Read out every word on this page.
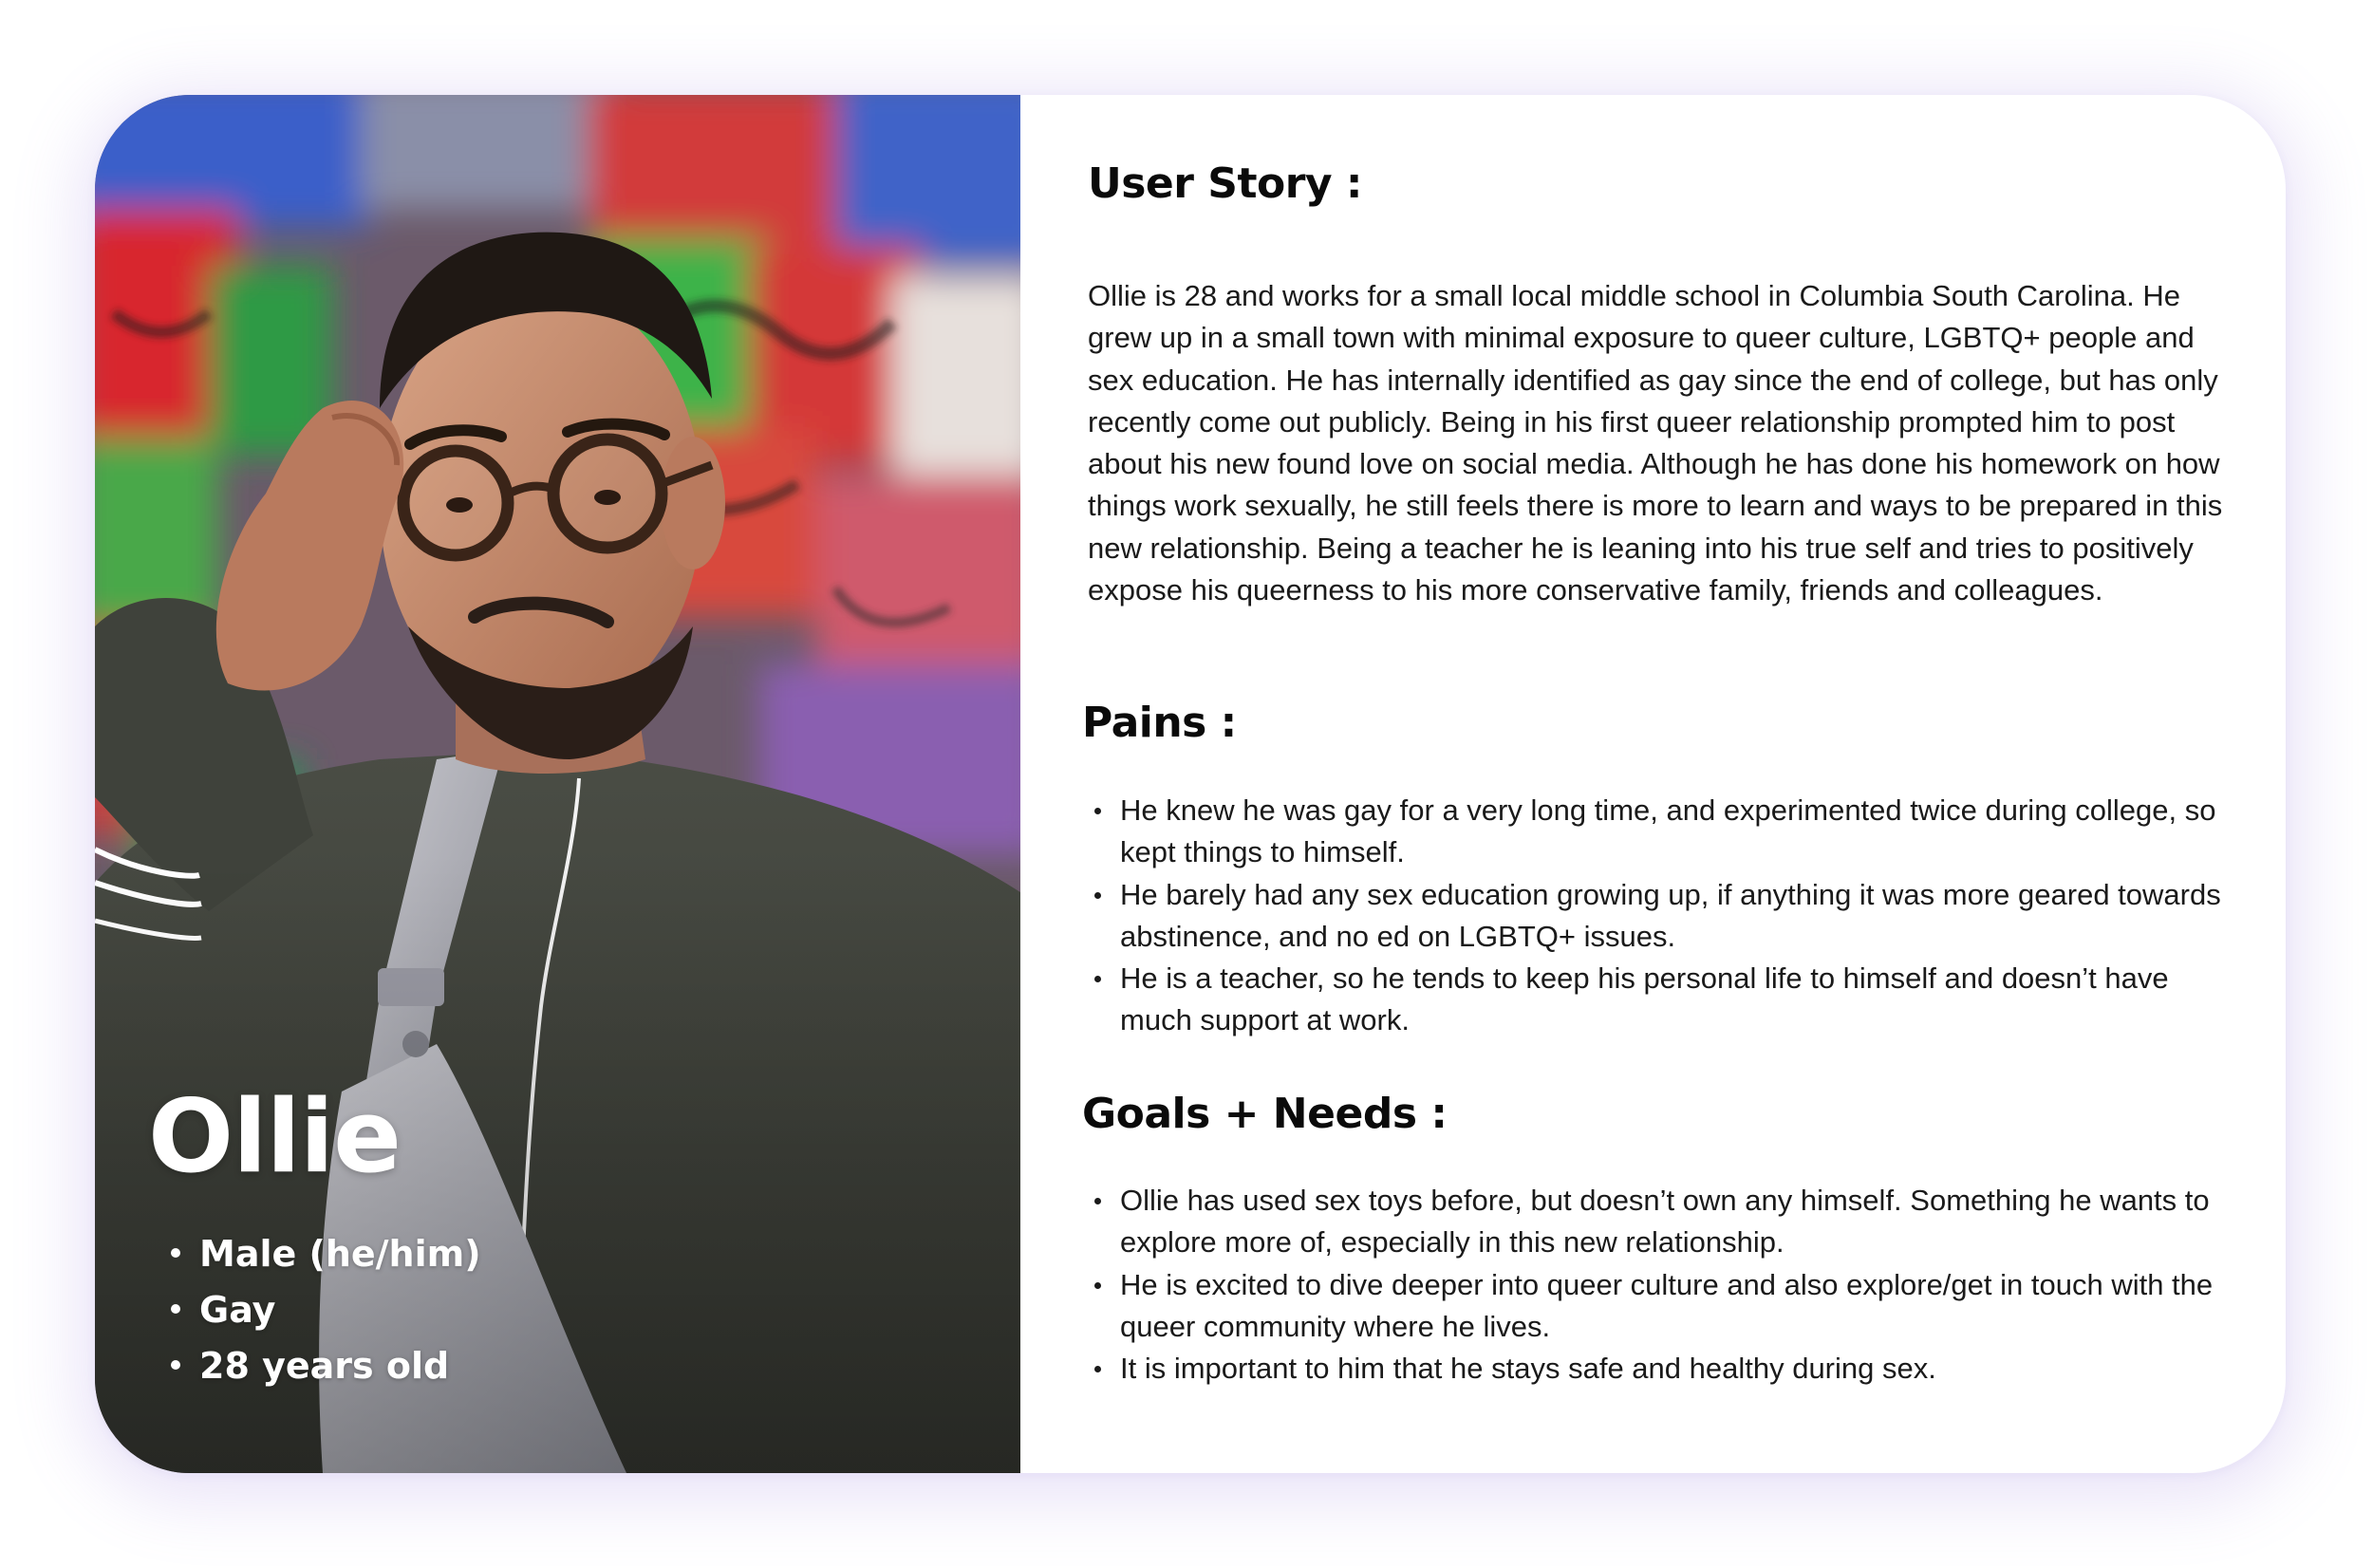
Ollie
Male (he/him)
Gay
28 years old
User Story :

Ollie is 28 and works for a small local middle school in Columbia South Carolina. He grew up in a small town with minimal exposure to queer culture, LGBTQ+ people and sex education. He has internally identified as gay since the end of college, but has only recently come out publicly. Being in his first queer relationship prompted him to post about his new found love on social media. Although he has done his homework on how things work sexually, he still feels there is more to learn and ways to be prepared in this new relationship. Being a teacher he is leaning into his true self and tries to positively expose his queerness to his more conservative family, friends and colleagues.

Pains :
He knew he was gay for a very long time, and experimented twice during college, so kept things to himself.
He barely had any sex education growing up, if anything it was more geared towards abstinence, and no ed on LGBTQ+ issues.
He is a teacher, so he tends to keep his personal life to himself and doesn’t have much support at work.
Goals + Needs :
Ollie has used sex toys before, but doesn’t own any himself. Something he wants to explore more of, especially in this new relationship.
He is excited to dive deeper into queer culture and also explore/get in touch with the queer community where he lives.
It is important to him that he stays safe and healthy during sex.
